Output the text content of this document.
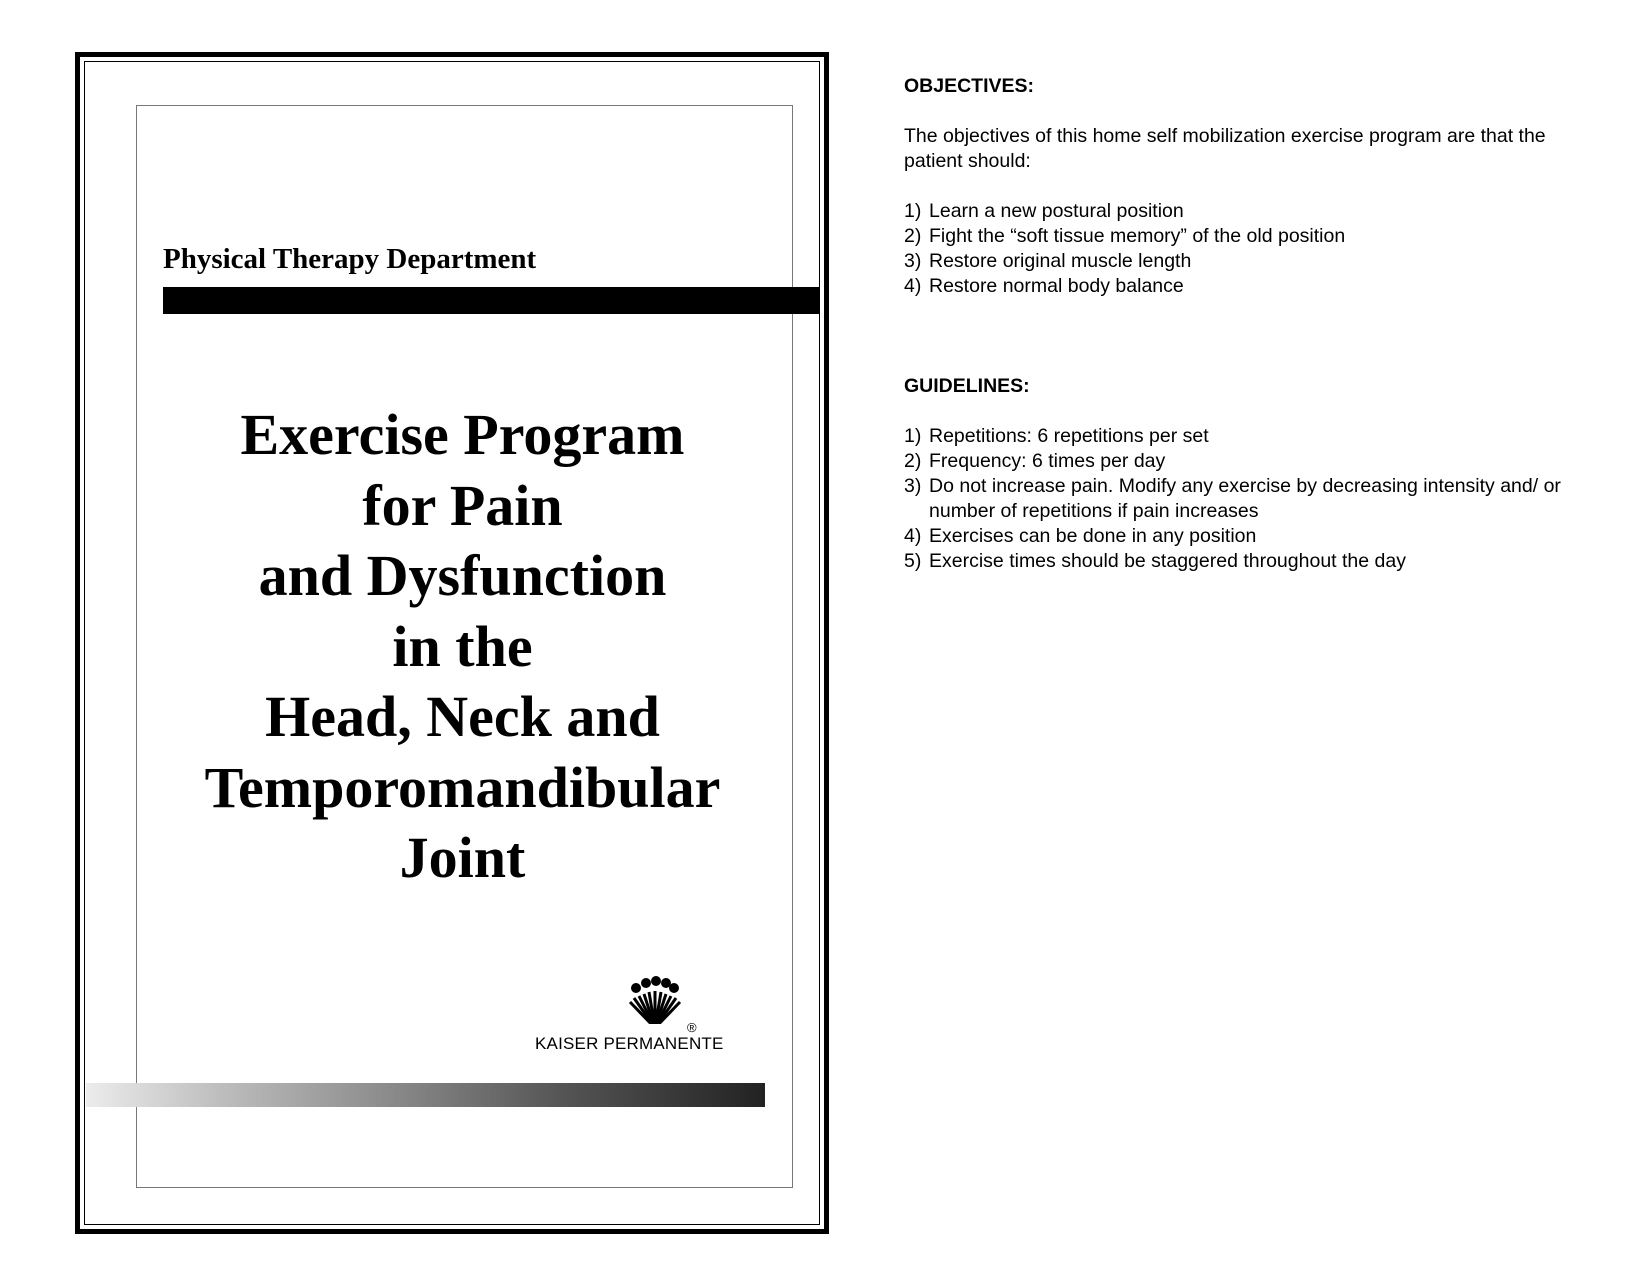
Physical Therapy Department
Exercise Program
for Pain
and Dysfunction
in the
Head, Neck and
Temporomandibular
Joint
®
KAISER PERMANENTE
OBJECTIVES:
The objectives of this home self mobilization exercise program are that the patient should:
1) Learn a new postural position
2) Fight the “soft tissue memory” of the old position
3) Restore original muscle length
4) Restore normal body balance
GUIDELINES:
1) Repetitions: 6 repetitions per set
2) Frequency: 6 times per day
3) Do not increase pain. Modify any exercise by decreasing intensity and/ or number of repetitions if pain increases
4) Exercises can be done in any position
5) Exercise times should be staggered throughout the day
